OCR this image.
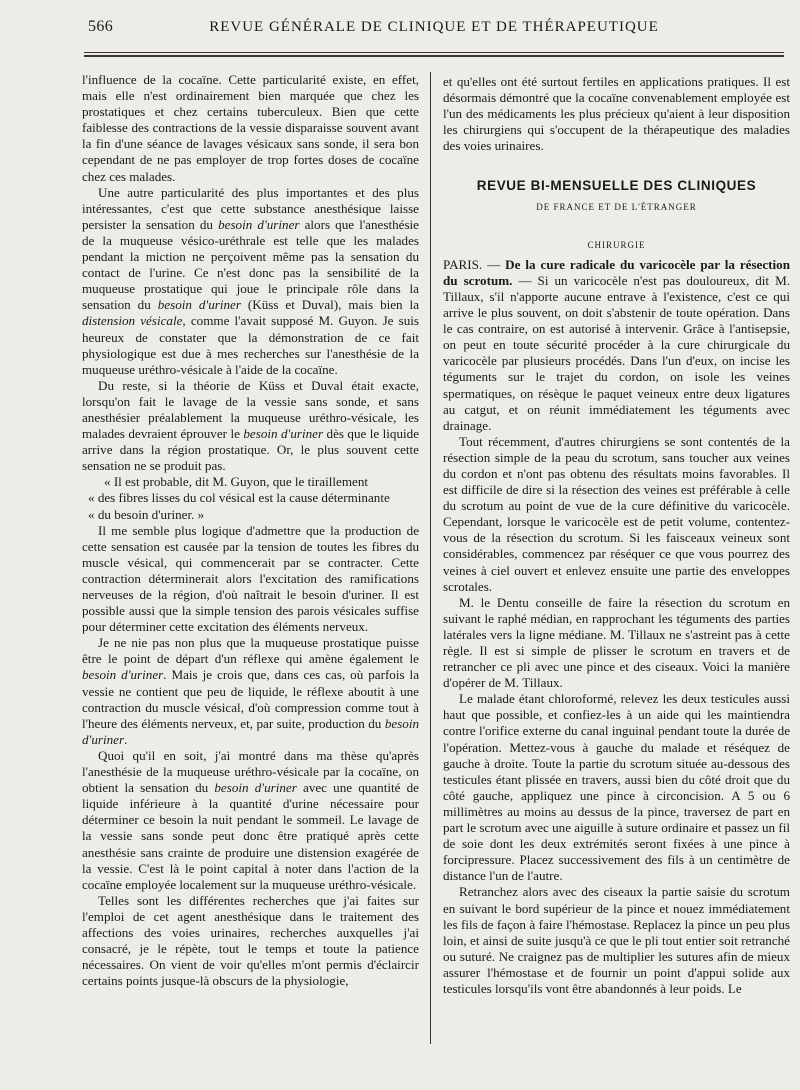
566	REVUE GÉNÉRALE DE CLINIQUE ET DE THÉRAPEUTIQUE

l'influence de la cocaïne. Cette particularité existe, en effet, mais elle n'est ordinairement bien marquée que chez les prostatiques et chez certains tuberculeux. Bien que cette faiblesse des contractions de la vessie disparaisse souvent avant la fin d'une séance de lavages vésicaux sans sonde, il sera bon cependant de ne pas employer de trop fortes doses de cocaïne chez ces malades.

Une autre particularité des plus importantes et des plus intéressantes, c'est que cette substance anesthésique laisse persister la sensation du besoin d'uriner alors que l'anesthésie de la muqueuse vésico-uréthrale est telle que les malades pendant la miction ne perçoivent même pas la sensation du contact de l'urine. Ce n'est donc pas la sensibilité de la muqueuse prostatique qui joue le principale rôle dans la sensation du besoin d'uriner (Küss et Duval), mais bien la distension vésicale, comme l'avait supposé M. Guyon. Je suis heureux de constater que la démonstration de ce fait physiologique est due à mes recherches sur l'anesthésie de la muqueuse uréthro-vésicale à l'aide de la cocaïne.

Du reste, si la théorie de Küss et Duval était exacte, lorsqu'on fait le lavage de la vessie sans sonde, et sans anesthésier préalablement la muqueuse uréthro-vésicale, les malades devraient éprouver le besoin d'uriner dès que le liquide arrive dans la région prostatique. Or, le plus souvent cette sensation ne se produit pas.

« Il est probable, dit M. Guyon, que le tiraillement

« des fibres lisses du col vésical est la cause déterminante

« du besoin d'uriner. »

Il me semble plus logique d'admettre que la production de cette sensation est causée par la tension de toutes les fibres du muscle vésical, qui commencerait par se contracter. Cette contraction déterminerait alors l'excitation des ramifications nerveuses de la région, d'où naîtrait le besoin d'uriner. Il est possible aussi que la simple tension des parois vésicales suffise pour déterminer cette excitation des éléments nerveux.

Je ne nie pas non plus que la muqueuse prostatique puisse être le point de départ d'un réflexe qui amène également le besoin d'uriner. Mais je crois que, dans ces cas, où parfois la vessie ne contient que peu de liquide, le réflexe aboutit à une contraction du muscle vésical, d'où compression comme tout à l'heure des éléments nerveux, et, par suite, production du besoin d'uriner.

Quoi qu'il en soit, j'ai montré dans ma thèse qu'après l'anesthésie de la muqueuse uréthro-vésicale par la cocaïne, on obtient la sensation du besoin d'uriner avec une quantité de liquide inférieure à la quantité d'urine nécessaire pour déterminer ce besoin la nuit pendant le sommeil. Le lavage de la vessie sans sonde peut donc être pratiqué après cette anesthésie sans crainte de produire une distension exagérée de la vessie. C'est là le point capital à noter dans l'action de la cocaïne employée localement sur la muqueuse uréthro-vésicale.

Telles sont les différentes recherches que j'ai faites sur l'emploi de cet agent anesthésique dans le traitement des affections des voies urinaires, recherches auxquelles j'ai consacré, je le répète, tout le temps et toute la patience nécessaires. On vient de voir qu'elles m'ont permis d'éclaircir certains points jusque-là obscurs de la physiologie,

et qu'elles ont été surtout fertiles en applications pratiques. Il est désormais démontré que la cocaïne convenablement employée est l'un des médicaments les plus précieux qu'aient à leur disposition les chirurgiens qui s'occupent de la thérapeutique des maladies des voies urinaires.

REVUE BI-MENSUELLE DES CLINIQUES
DE FRANCE ET DE L'ÉTRANGER
CHIRURGIE

PARIS. — De la cure radicale du varicocèle par la résection du scrotum. — Si un varicocèle n'est pas douloureux, dit M. Tillaux, s'il n'apporte aucune entrave à l'existence, c'est ce qui arrive le plus souvent, on doit s'abstenir de toute opération. Dans le cas contraire, on est autorisé à intervenir. Grâce à l'antisepsie, on peut en toute sécurité procéder à la cure chirurgicale du varicocèle par plusieurs procédés. Dans l'un d'eux, on incise les téguments sur le trajet du cordon, on isole les veines spermatiques, on résèque le paquet veineux entre deux ligatures au catgut, et on réunit immédiatement les téguments avec drainage.

Tout récemment, d'autres chirurgiens se sont contentés de la résection simple de la peau du scrotum, sans toucher aux veines du cordon et n'ont pas obtenu des résultats moins favorables. Il est difficile de dire si la résection des veines est préférable à celle du scrotum au point de vue de la cure définitive du varicocèle. Cependant, lorsque le varicocèle est de petit volume, contentez-vous de la résection du scrotum. Si les faisceaux veineux sont considérables, commencez par réséquer ce que vous pourrez des veines à ciel ouvert et enlevez ensuite une partie des enveloppes scrotales.

M. le Dentu conseille de faire la résection du scrotum en suivant le raphé médian, en rapprochant les téguments des parties latérales vers la ligne médiane. M. Tillaux ne s'astreint pas à cette règle. Il est si simple de plisser le scrotum en travers et de retrancher ce pli avec une pince et des ciseaux. Voici la manière d'opérer de M. Tillaux.

Le malade étant chloroformé, relevez les deux testicules aussi haut que possible, et confiez-les à un aide qui les maintiendra contre l'orifice externe du canal inguinal pendant toute la durée de l'opération. Mettez-vous à gauche du malade et réséquez de gauche à droite. Toute la partie du scrotum située au-dessous des testicules étant plissée en travers, aussi bien du côté droit que du côté gauche, appliquez une pince à circoncision. A 5 ou 6 millimètres au moins au dessus de la pince, traversez de part en part le scrotum avec une aiguille à suture ordinaire et passez un fil de soie dont les deux extrémités seront fixées à une pince à forcipressure. Placez successivement des fils à un centimètre de distance l'un de l'autre.

Retranchez alors avec des ciseaux la partie saisie du scrotum en suivant le bord supérieur de la pince et nouez immédiatement les fils de façon à faire l'hémostase. Replacez la pince un peu plus loin, et ainsi de suite jusqu'à ce que le pli tout entier soit retranché ou suturé. Ne craignez pas de multiplier les sutures afin de mieux assurer l'hémostase et de fournir un point d'appui solide aux testicules lorsqu'ils vont être abandonnés à leur poids. Le
